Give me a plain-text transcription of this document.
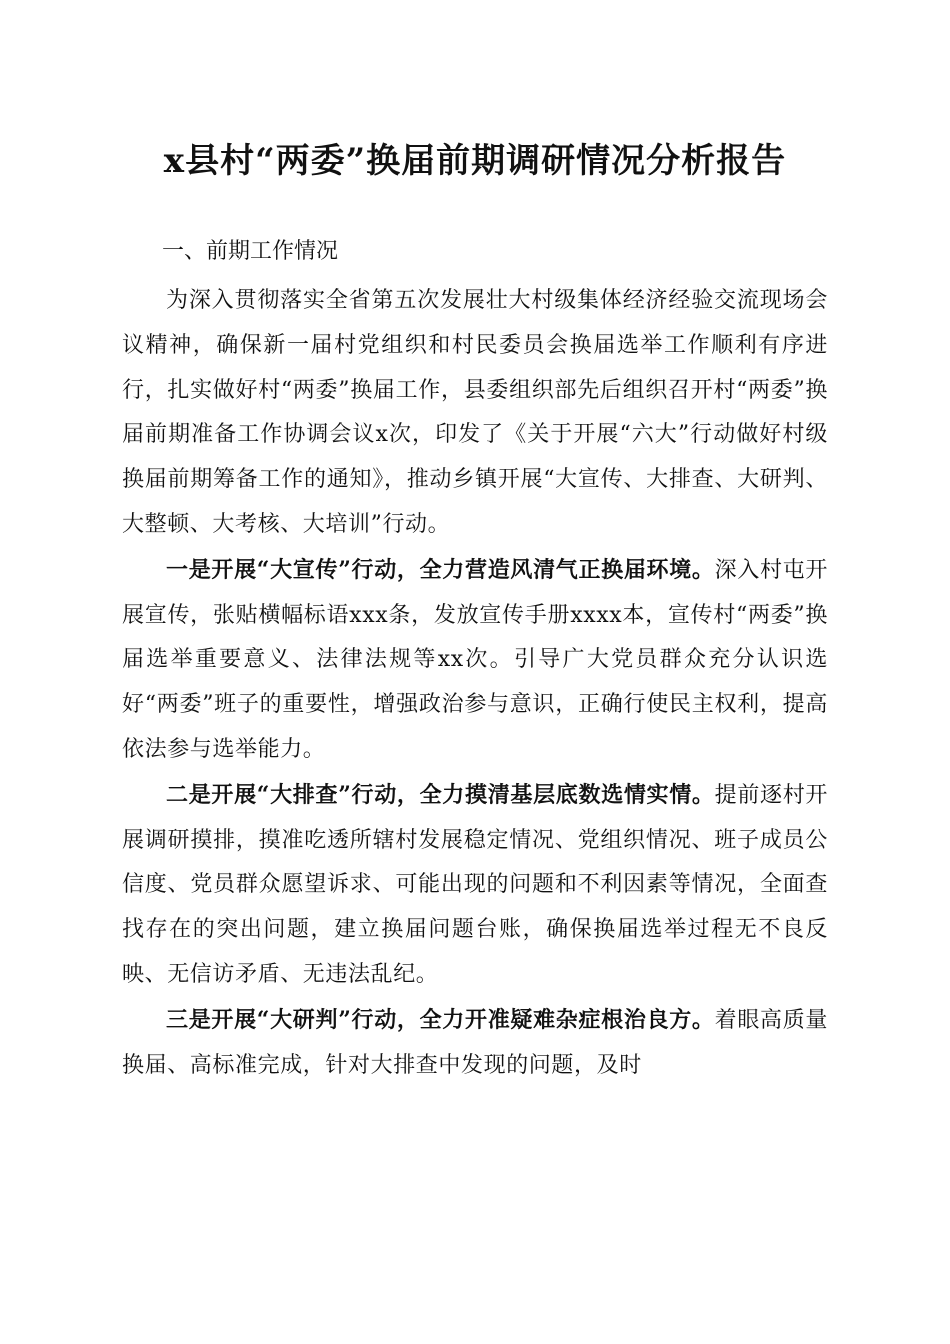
x县村“两委”换届前期调研情况分析报告
一、前期工作情况

为深入贯彻落实全省第五次发展壮大村级集体经济经验交流现场会议精神，确保新一届村党组织和村民委员会换届选举工作顺利有序进行，扎实做好村“两委”换届工作，县委组织部先后组织召开村“两委”换届前期准备工作协调会议x次，印发了《关于开展“六大”行动做好村级换届前期筹备工作的通知》，推动乡镇开展“大宣传、大排查、大研判、大整顿、大考核、大培训”行动。

一是开展“大宣传”行动，全力营造风清气正换届环境。深入村屯开展宣传，张贴横幅标语xxx条，发放宣传手册xxxx本，宣传村“两委”换届选举重要意义、法律法规等xx次。引导广大党员群众充分认识选好“两委”班子的重要性，增强政治参与意识，正确行使民主权利，提高依法参与选举能力。

二是开展“大排查”行动，全力摸清基层底数选情实情。提前逐村开展调研摸排，摸准吃透所辖村发展稳定情况、党组织情况、班子成员公信度、党员群众愿望诉求、可能出现的问题和不利因素等情况，全面查找存在的突出问题，建立换届问题台账，确保换届选举过程无不良反映、无信访矛盾、无违法乱纪。

三是开展“大研判”行动，全力开准疑难杂症根治良方。着眼高质量换届、高标准完成，针对大排查中发现的问题，及时
